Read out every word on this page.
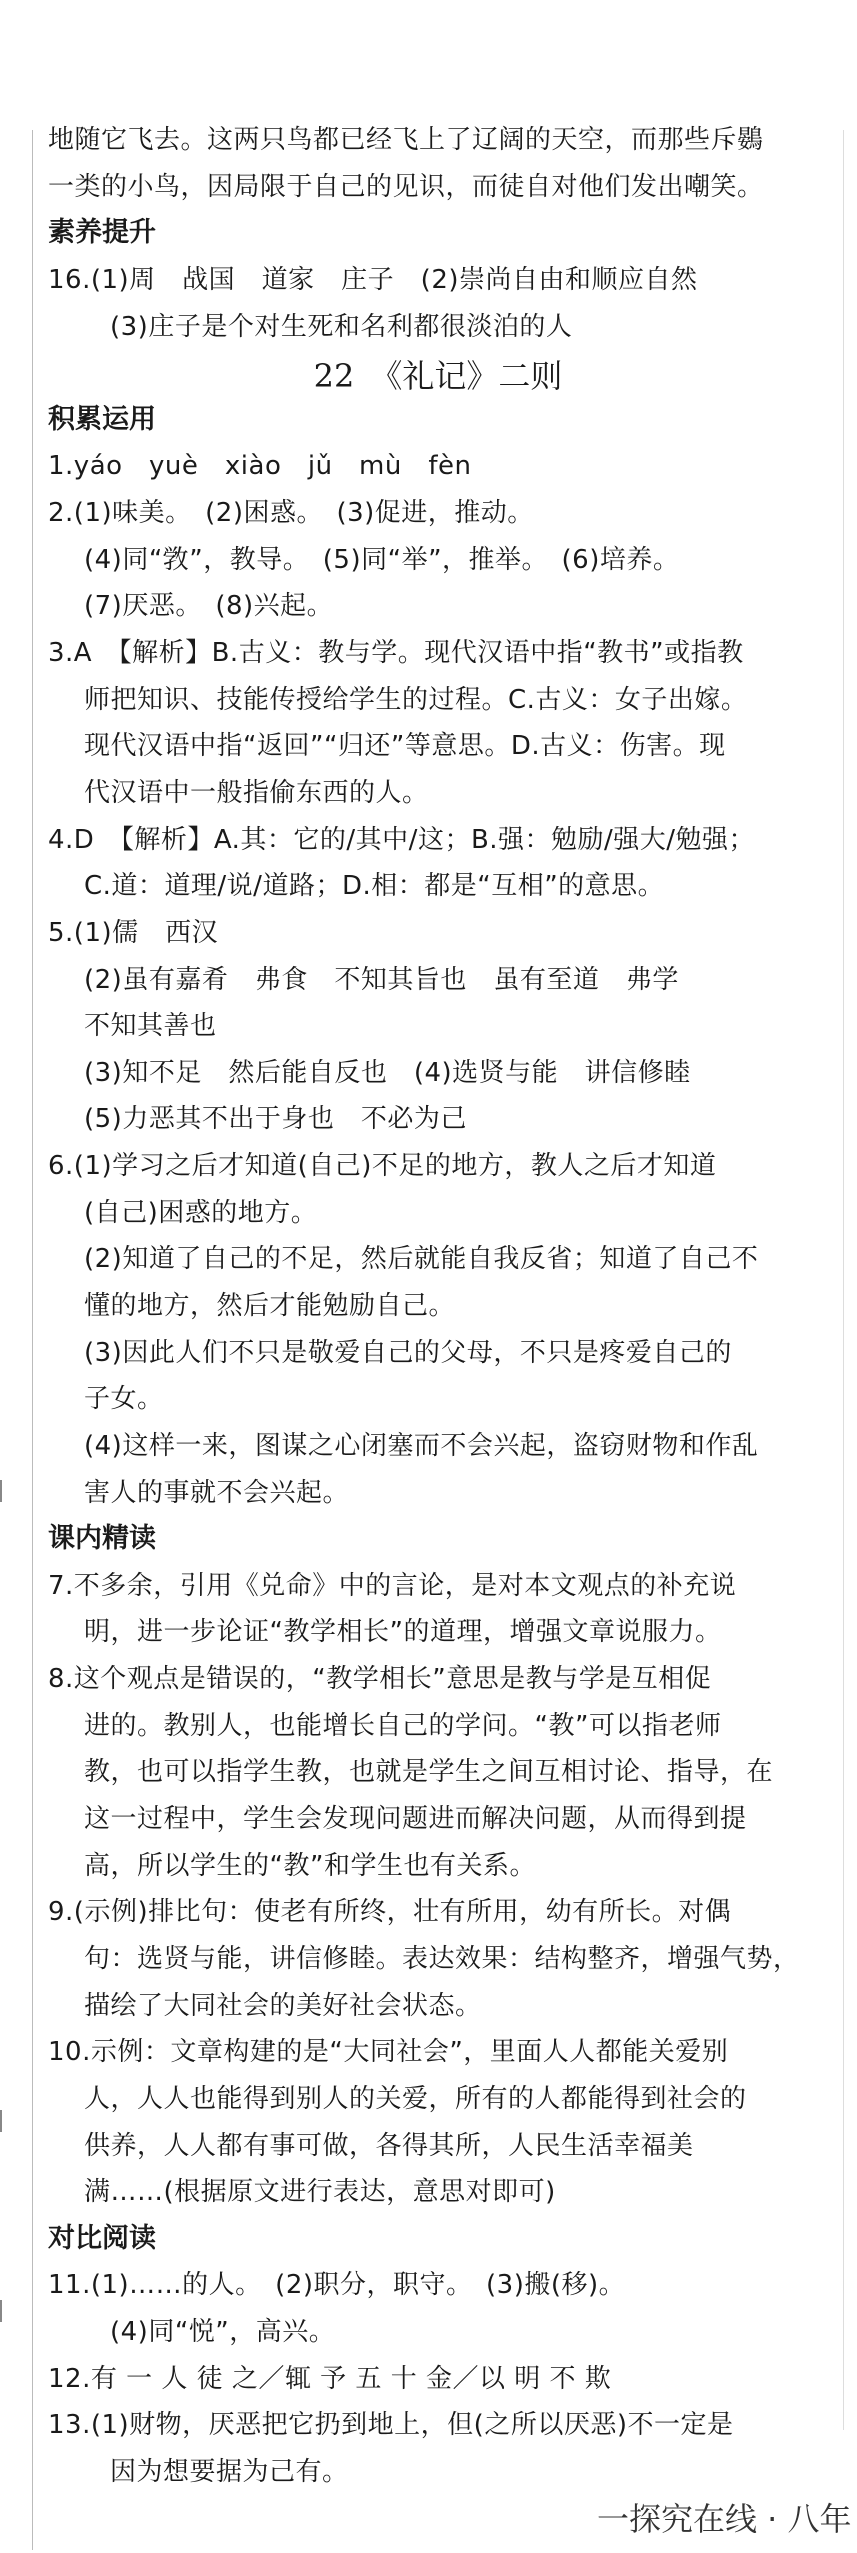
地随它飞去。这两只鸟都已经飞上了辽阔的天空，而那些斥鷃
一类的小鸟，因局限于自己的见识，而徒自对他们发出嘲笑。
素养提升
16.(1)周　战国　道家　庄子　(2)崇尚自由和顺应自然
(3)庄子是个对生死和名利都很淡泊的人
22　《礼记》二则
积累运用
1.yáo　yuè　xiào　jǔ　mù　fèn
2.(1)味美。　(2)困惑。　(3)促进，推动。
(4)同“敩”，教导。　(5)同“举”，推举。　(6)培养。
(7)厌恶。　(8)兴起。
3.A　【解析】B.古义：教与学。现代汉语中指“教书”或指教
师把知识、技能传授给学生的过程。C.古义：女子出嫁。
现代汉语中指“返回”“归还”等意思。D.古义：伤害。现
代汉语中一般指偷东西的人。
4.D　【解析】A.其：它的/其中/这；B.强：勉励/强大/勉强；
C.道：道理/说/道路；D.相：都是“互相”的意思。
5.(1)儒　西汉
(2)虽有嘉肴　弗食　不知其旨也　虽有至道　弗学
不知其善也
(3)知不足　然后能自反也　(4)选贤与能　讲信修睦
(5)力恶其不出于身也　不必为己
6.(1)学习之后才知道(自己)不足的地方，教人之后才知道
(自己)困惑的地方。
(2)知道了自己的不足，然后就能自我反省；知道了自己不
懂的地方，然后才能勉励自己。
(3)因此人们不只是敬爱自己的父母，不只是疼爱自己的
子女。
(4)这样一来，图谋之心闭塞而不会兴起，盗窃财物和作乱
害人的事就不会兴起。
课内精读
7.不多余，引用《兑命》中的言论，是对本文观点的补充说
明，进一步论证“教学相长”的道理，增强文章说服力。
8.这个观点是错误的，“教学相长”意思是教与学是互相促
进的。教别人，也能增长自己的学问。“教”可以指老师
教，也可以指学生教，也就是学生之间互相讨论、指导，在
这一过程中，学生会发现问题进而解决问题，从而得到提
高，所以学生的“教”和学生也有关系。
9.(示例)排比句：使老有所终，壮有所用，幼有所长。对偶
句：选贤与能，讲信修睦。表达效果：结构整齐，增强气势，
描绘了大同社会的美好社会状态。
10.示例：文章构建的是“大同社会”，里面人人都能关爱别
人，人人也能得到别人的关爱，所有的人都能得到社会的
供养，人人都有事可做，各得其所，人民生活幸福美
满……(根据原文进行表达，意思对即可)
对比阅读
11.(1)……的人。　(2)职分，职守。　(3)搬(移)。
(4)同“悦”，高兴。
12.有 一 人 徒 之／辄 予 五 十 金／以 明 不 欺
13.(1)财物，厌恶把它扔到地上，但(之所以厌恶)不一定是
因为想要据为己有。
一探究在线 · 八年
